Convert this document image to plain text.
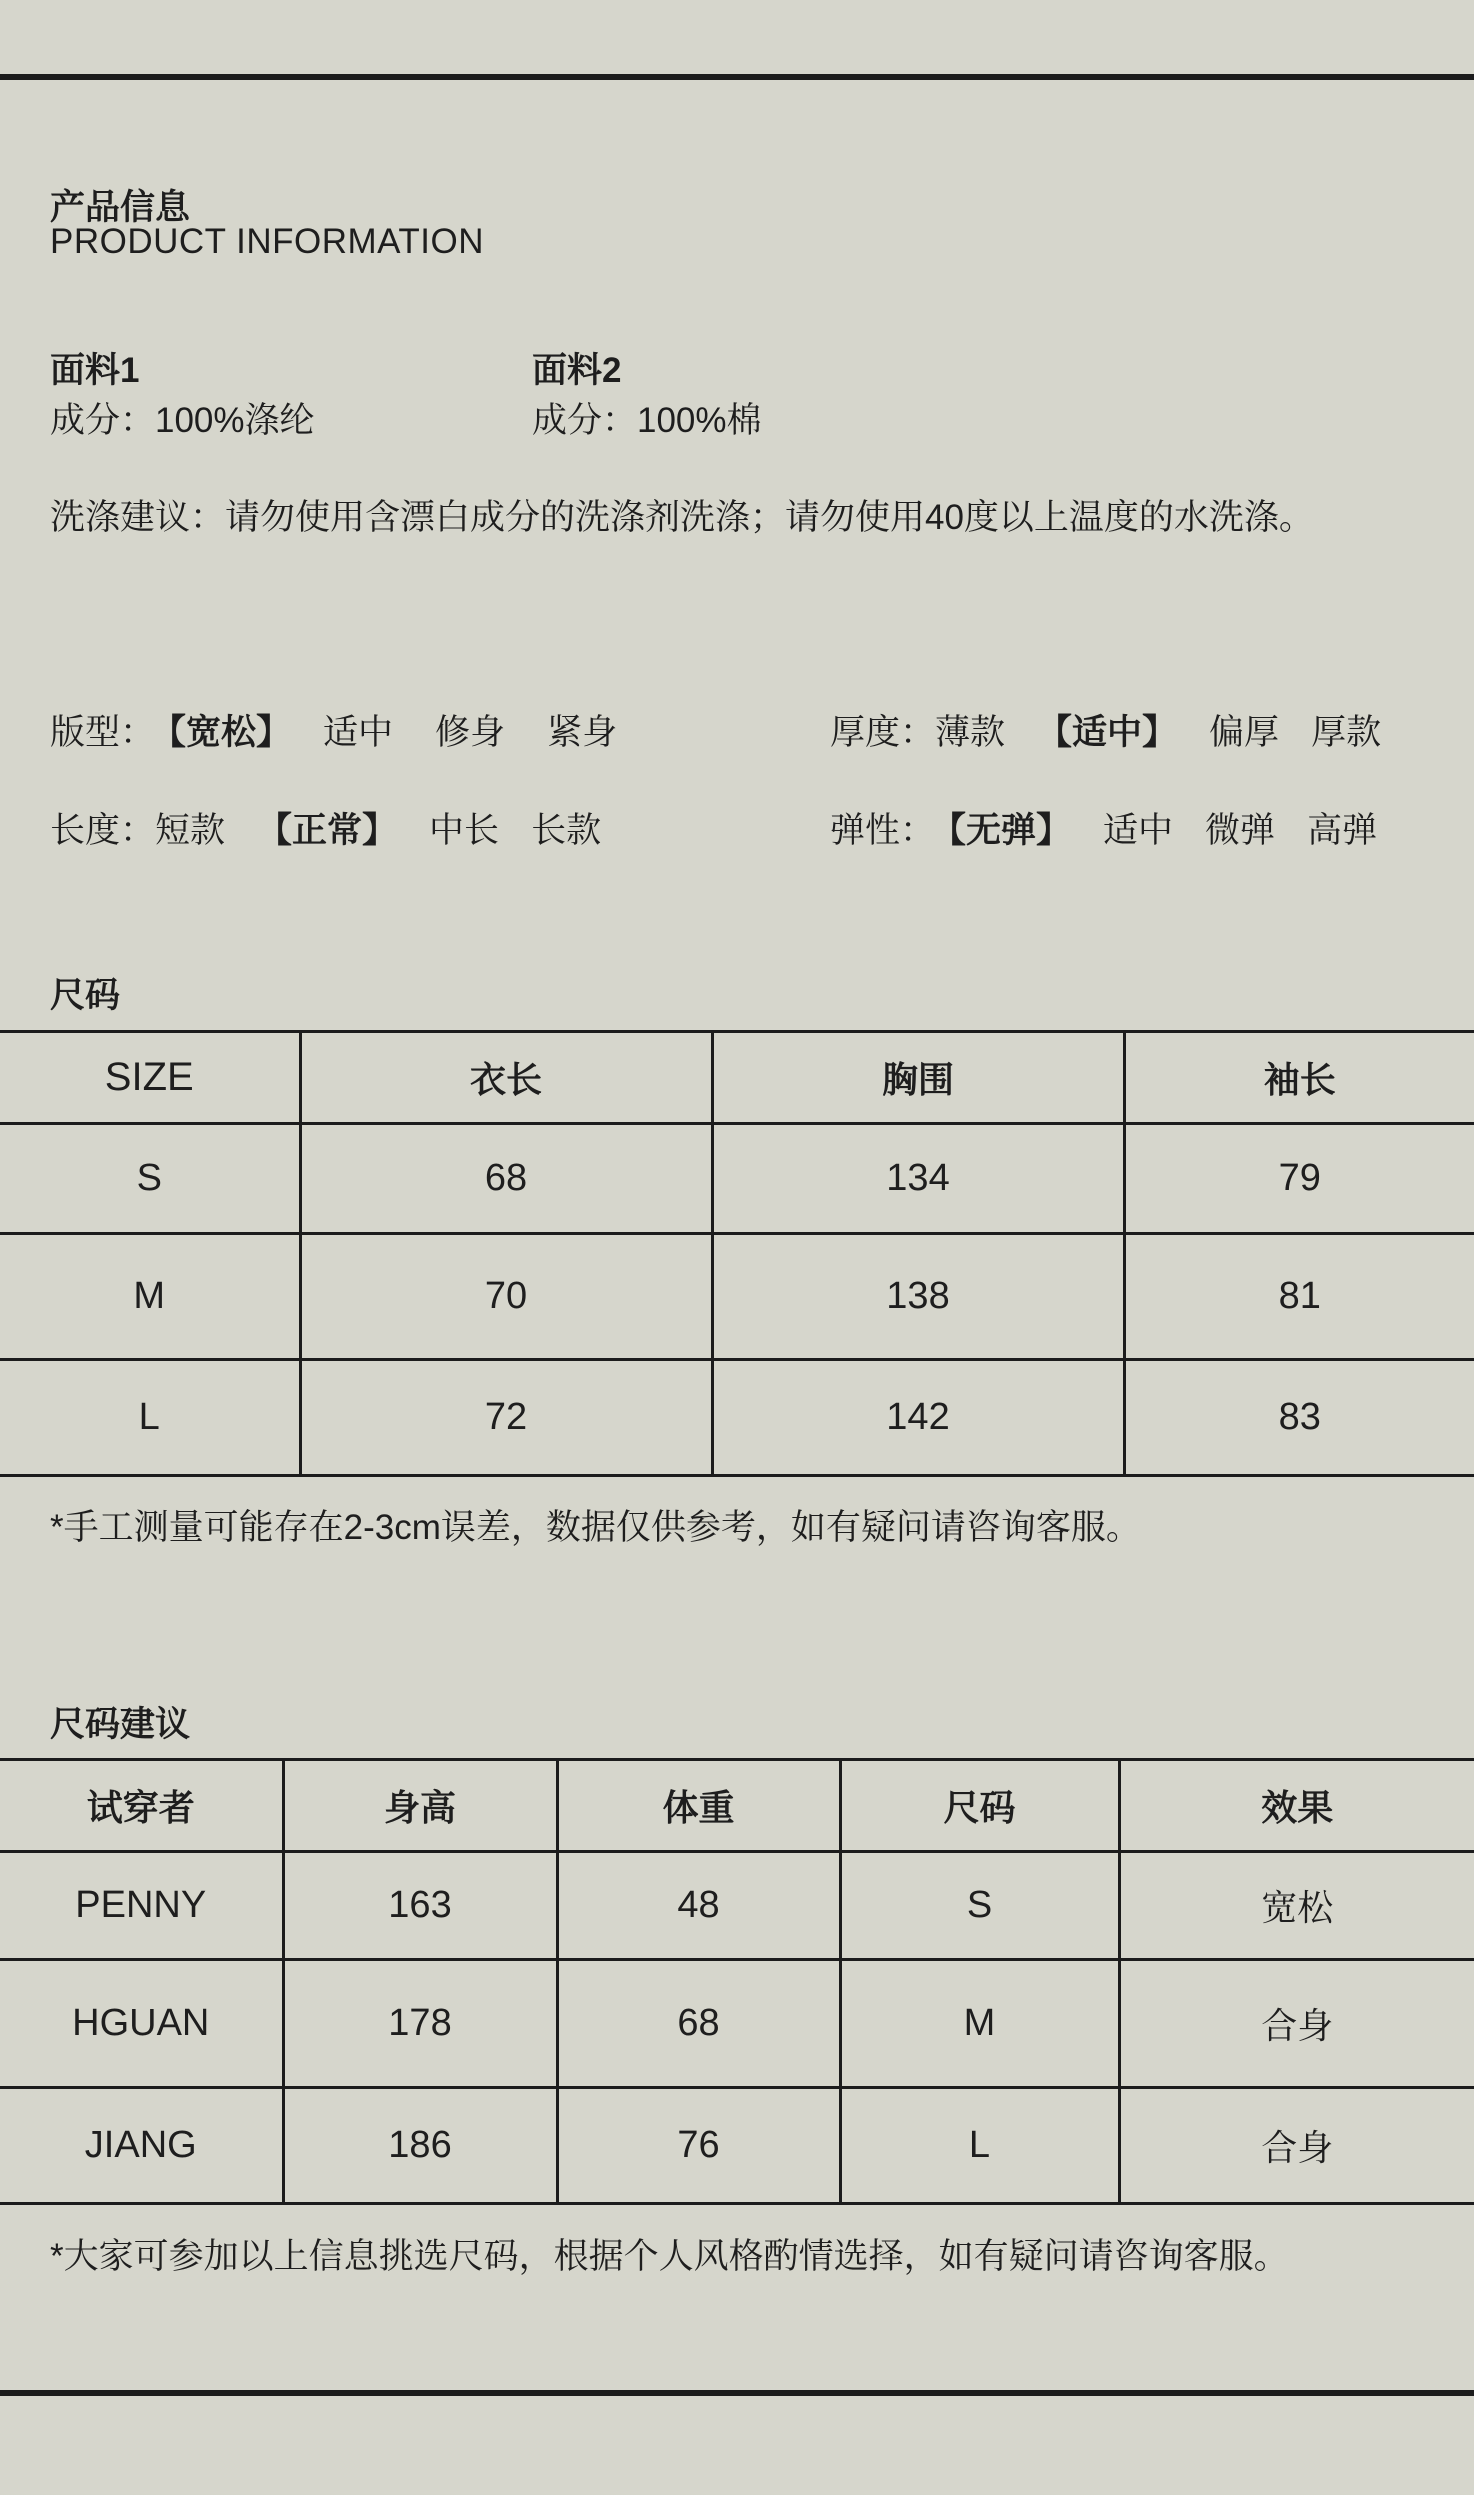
产品信息
PRODUCT INFORMATION
面料1
成分：100%涤纶
面料2
成分：100%棉
洗涤建议：请勿使用含漂白成分的洗涤剂洗涤；请勿使用40度以上温度的水洗涤。
版型：【宽松】 适中 修身 紧身	厚度：薄款 【适中】 偏厚 厚款
长度：短款 【正常】 中长 长款	弹性：【无弹】 适中 微弹 高弹
尺码
SIZE	衣长	胸围	袖长
S	68	134	79
M	70	138	81
L	72	142	83
*手工测量可能存在2-3cm误差，数据仅供参考，如有疑问请咨询客服。
尺码建议
试穿者	身高	体重	尺码	效果
PENNY	163	48	S	宽松
HGUAN	178	68	M	合身
JIANG	186	76	L	合身
*大家可参加以上信息挑选尺码，根据个人风格酌情选择，如有疑问请咨询客服。
